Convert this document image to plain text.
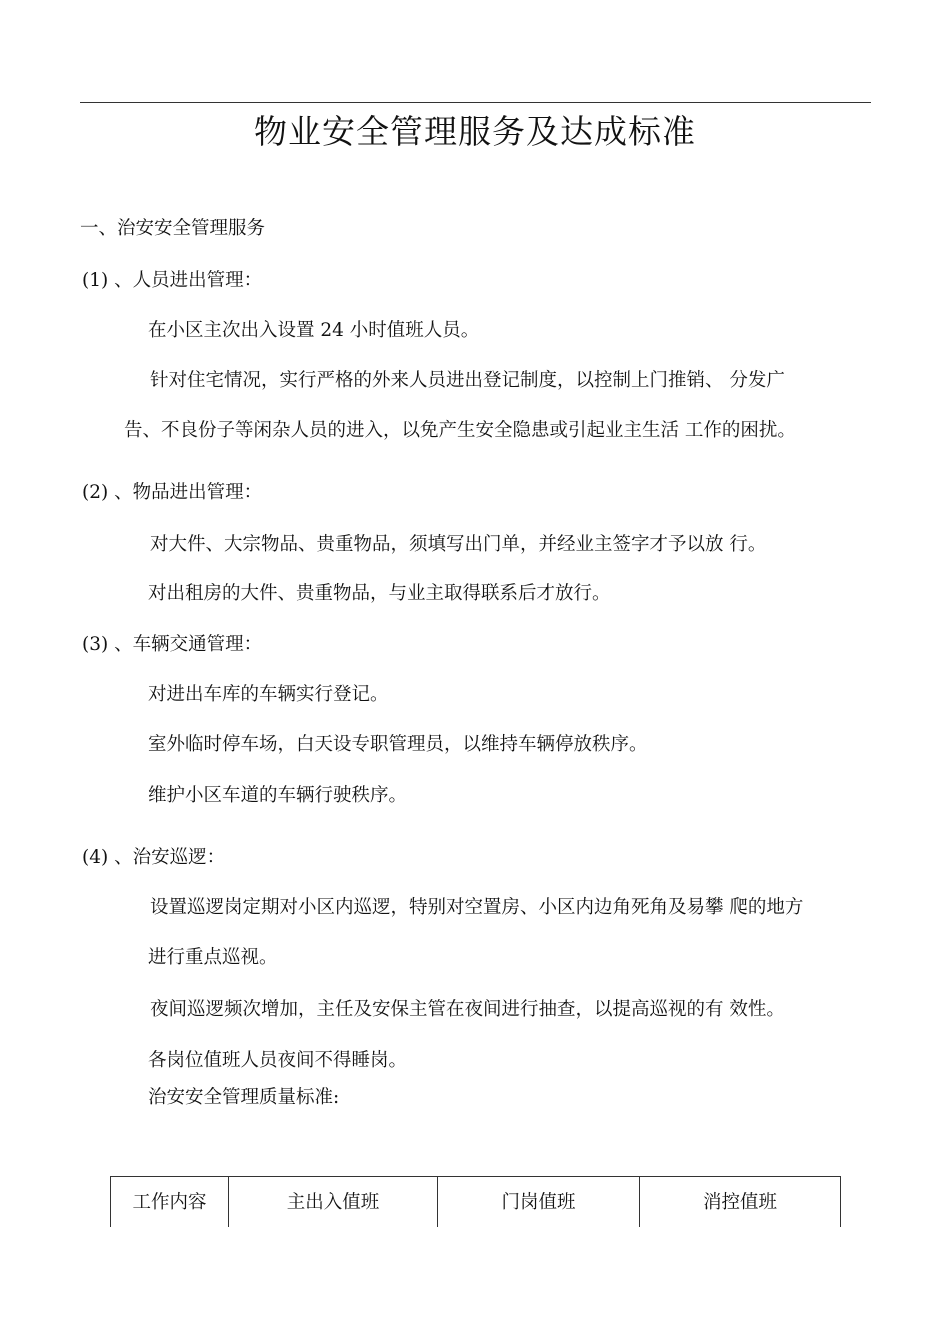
物业安全管理服务及达成标准
一、治安安全管理服务
(1) 、人员进出管理：
在小区主次出入设置 24 小时值班人员。
针对住宅情况，实行严格的外来人员进出登记制度，以控制上门推销、 分发广
告、不良份子等闲杂人员的进入，以免产生安全隐患或引起业主生活 工作的困扰。
(2) 、物品进出管理：
对大件、大宗物品、贵重物品，须填写出门单，并经业主签字才予以放 行。
对出租房的大件、贵重物品，与业主取得联系后才放行。
(3) 、车辆交通管理：
对进出车库的车辆实行登记。
室外临时停车场，白天设专职管理员，以维持车辆停放秩序。
维护小区车道的车辆行驶秩序。
(4) 、治安巡逻：
设置巡逻岗定期对小区内巡逻，特别对空置房、小区内边角死角及易攀 爬的地方
进行重点巡视。
夜间巡逻频次增加，主任及安保主管在夜间进行抽查，以提高巡视的有 效性。
各岗位值班人员夜间不得睡岗。
治安安全管理质量标准:
工作内容	主出入值班	门岗值班	消控值班
